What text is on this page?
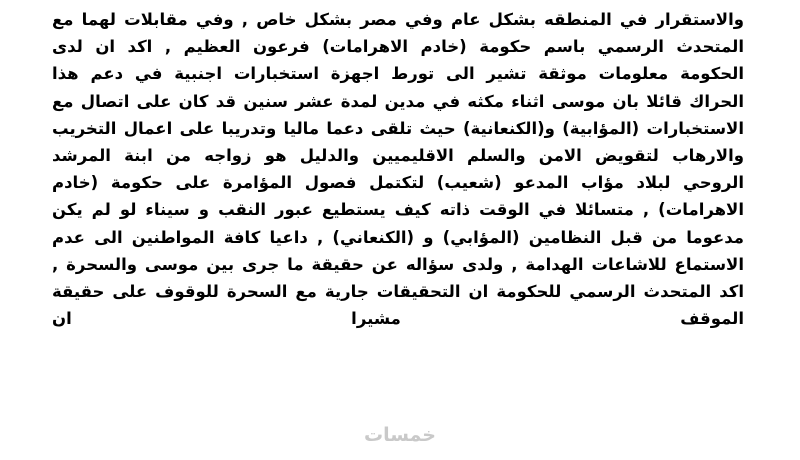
والاستقرار في المنطقه بشكل عام وفي مصر بشكل خاص , وفي مقابلات لهما مع المتحدث الرسمي باسم حكومة (خادم الاهرامات) فرعون العظيم , اكد ان لدى الحكومة معلومات موثقة تشير الى تورط اجهزة استخبارات اجنبية في دعم هذا الحراك قائلا بان موسى اثناء مكثه في مدين لمدة عشر سنين قد كان على اتصال مع الاستخبارات (المؤابية) و(الكنعانية) حيث تلقى دعما ماليا وتدريبا على اعمال التخريب والارهاب لتقويض الامن والسلم الاقليميين والدليل هو زواجه من ابنة المرشد الروحي لبلاد مؤاب المدعو (شعيب) لتكتمل فصول المؤامرة على حكومة (خادم الاهرامات) , متسائلا في الوقت ذاته كيف يستطيع عبور النقب و سيناء لو لم يكن مدعوما من قبل النظامين (المؤابي) و (الكنعاني) , داعيا كافة المواطنين الى عدم الاستماع للاشاعات الهدامة , ولدى سؤاله عن حقيقة ما جرى بين موسى والسحرة , اكد المتحدث الرسمي للحكومة ان التحقيقات جارية مع السحرة للوقوف على حقيقة الموقف مشيرا ان

خمسات
